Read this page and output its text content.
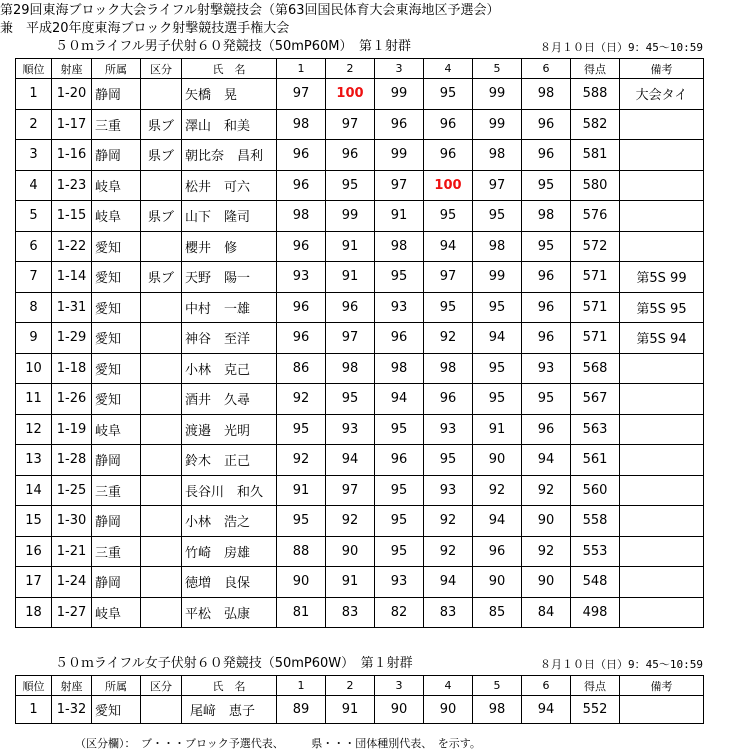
第29回東海ブロック大会ライフル射撃競技会（第63回国民体育大会東海地区予選会）
兼　平成20年度東海ブロック射撃競技選手権大会
５０ｍライフル男子伏射６０発競技（50mP60M）　第１射群	８月１０日（日）9：45～10:59
順位	射座	所属	区分	氏　名	1	2	3	4	5	6	得点	備考
1	1-20	静岡		矢橋　晃	97	100	99	95	99	98	588	大会タイ
2	1-17	三重	県ブ	澤山　和美	98	97	96	96	99	96	582	
3	1-16	静岡	県ブ	朝比奈　昌利	96	96	99	96	98	96	581	
4	1-23	岐阜		松井　可六	96	95	97	100	97	95	580	
5	1-15	岐阜	県ブ	山下　隆司	98	99	91	95	95	98	576	
6	1-22	愛知		櫻井　修	96	91	98	94	98	95	572	
7	1-14	愛知	県ブ	天野　陽一	93	91	95	97	99	96	571	第5S 99
8	1-31	愛知		中村　一雄	96	96	93	95	95	96	571	第5S 95
9	1-29	愛知		神谷　至洋	96	97	96	92	94	96	571	第5S 94
10	1-18	愛知		小林　克己	86	98	98	98	95	93	568	
11	1-26	愛知		酒井　久尋	92	95	94	96	95	95	567	
12	1-19	岐阜		渡邉　光明	95	93	95	93	91	96	563	
13	1-28	静岡		鈴木　正己	92	94	96	95	90	94	561	
14	1-25	三重		長谷川　和久	91	97	95	93	92	92	560	
15	1-30	静岡		小林　浩之	95	92	95	92	94	90	558	
16	1-21	三重		竹崎　房雄	88	90	95	92	96	92	553	
17	1-24	静岡		徳増　良保	90	91	93	94	90	90	548	
18	1-27	岐阜		平松　弘康	81	83	82	83	85	84	498	
５０ｍライフル女子伏射６０発競技（50mP60W）　第１射群	８月１０日（日）9：45～10:59
順位	射座	所属	区分	氏　名	1	2	3	4	5	6	得点	備考
1	1-32	愛知		尾﨑　恵子	89	91	90	90	98	94	552	
（区分欄）：　ブ・・・ブロック予選代表、　　　県・・・団体種別代表、　を示す。
